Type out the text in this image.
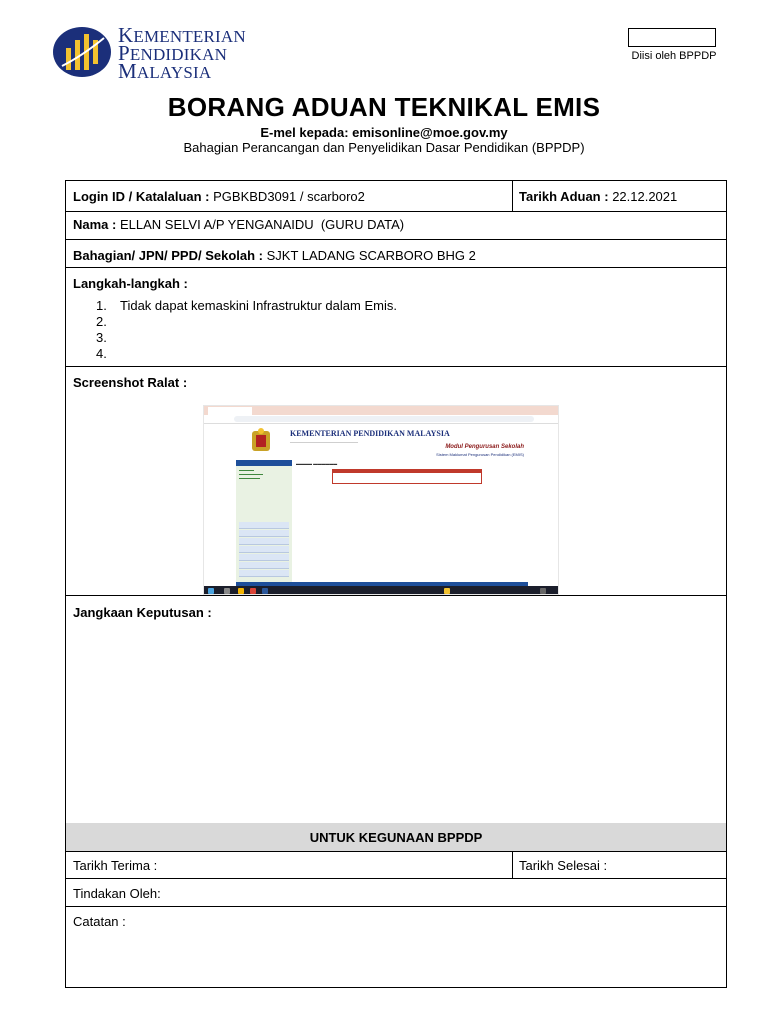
KEMENTERIAN
PENDIDIKAN
MALAYSIA
Diisi oleh BPPDP
BORANG ADUAN TEKNIKAL EMIS
E-mel kepada: emisonline@moe.gov.my
Bahagian Perancangan dan Penyelidikan Dasar Pendidikan (BPPDP)
Login ID / Katalaluan : PGBKBD3091 / scarboro2	Tarikh Aduan : 22.12.2021
Nama : ELLAN SELVI A/P YENGANAIDU  (GURU DATA)
Bahagian/ JPN/ PPD/ Sekolah : SJKT LADANG SCARBORO BHG 2
Langkah-langkah :
1. Tidak dapat kemaskini Infrastruktur dalam Emis.
2.
3.
4.
Screenshot Ralat :
KEMENTERIAN PENDIDIKAN MALAYSIA
―――――――――――――――――
Modul Pengurusan Sekolah
Sistem Maklumat Pengurusan Pendidikan (EMIS)
▬▬▬▬▬
▬▬▬▬▬▬▬▬
▬▬▬▬▬▬▬
▬▬▬▬ ▬▬▬▬▬▬
Jangkaan Keputusan :
UNTUK KEGUNAAN BPPDP
Tarikh Terima :	Tarikh Selesai :
Tindakan Oleh:
Catatan :
